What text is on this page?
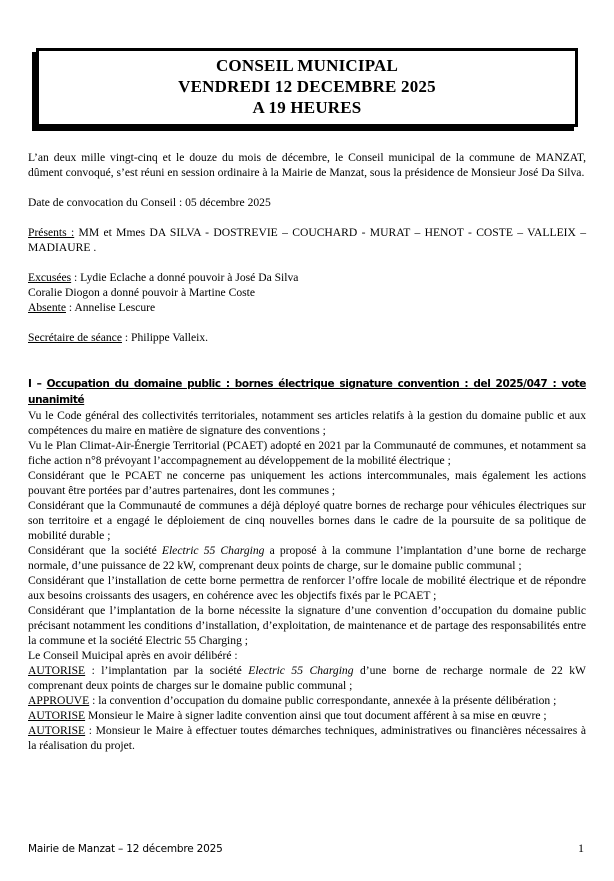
CONSEIL MUNICIPAL
VENDREDI 12 DECEMBRE 2025
A 19 HEURES

L’an deux mille vingt-cinq et le douze du mois de décembre, le Conseil municipal de la commune de MANZAT, dûment convoqué, s’est réuni en session ordinaire à la Mairie de Manzat, sous la présidence de Monsieur José Da Silva.

Date de convocation du Conseil : 05 décembre 2025

Présents : MM et Mmes DA SILVA - DOSTREVIE – COUCHARD - MURAT – HENOT - COSTE – VALLEIX – MADIAURE .

Excusées : Lydie Eclache a donné pouvoir à José Da Silva

Coralie Diogon a donné pouvoir à Martine Coste

Absente : Annelise Lescure

Secrétaire de séance : Philippe Valleix.

I – Occupation du domaine public : bornes électrique signature convention : del 2025/047 : vote unanimité

Vu le Code général des collectivités territoriales, notamment ses articles relatifs à la gestion du domaine public et aux compétences du maire en matière de signature des conventions ;

Vu le Plan Climat-Air-Énergie Territorial (PCAET) adopté en 2021 par la Communauté de communes, et notamment sa fiche action n°8 prévoyant l’accompagnement au développement de la mobilité électrique ;

Considérant que le PCAET ne concerne pas uniquement les actions intercommunales, mais également les actions pouvant être portées par d’autres partenaires, dont les communes ;

Considérant que la Communauté de communes a déjà déployé quatre bornes de recharge pour véhicules électriques sur son territoire et a engagé le déploiement de cinq nouvelles bornes dans le cadre de la poursuite de sa politique de mobilité durable ;

Considérant que la société Electric 55 Charging a proposé à la commune l’implantation d’une borne de recharge normale, d’une puissance de 22 kW, comprenant deux points de charge, sur le domaine public communal ;

Considérant que l’installation de cette borne permettra de renforcer l’offre locale de mobilité électrique et de répondre aux besoins croissants des usagers, en cohérence avec les objectifs fixés par le PCAET ;

Considérant que l’implantation de la borne nécessite la signature d’une convention d’occupation du domaine public précisant notamment les conditions d’installation, d’exploitation, de maintenance et de partage des responsabilités entre la commune et la société Electric 55 Charging ;

Le Conseil Muicipal après en avoir délibéré :

AUTORISE : l’implantation par la société Electric 55 Charging d’une borne de recharge normale de 22 kW comprenant deux points de charges sur le domaine public communal ;

APPROUVE : la convention d’occupation du domaine public correspondante, annexée à la présente délibération ;

AUTORISE Monsieur le Maire à signer ladite convention ainsi que tout document afférent à sa mise en œuvre ;

AUTORISE : Monsieur le Maire à effectuer toutes démarches techniques, administratives ou financières nécessaires à la réalisation du projet.

Mairie de Manzat – 12 décembre 2025	1
